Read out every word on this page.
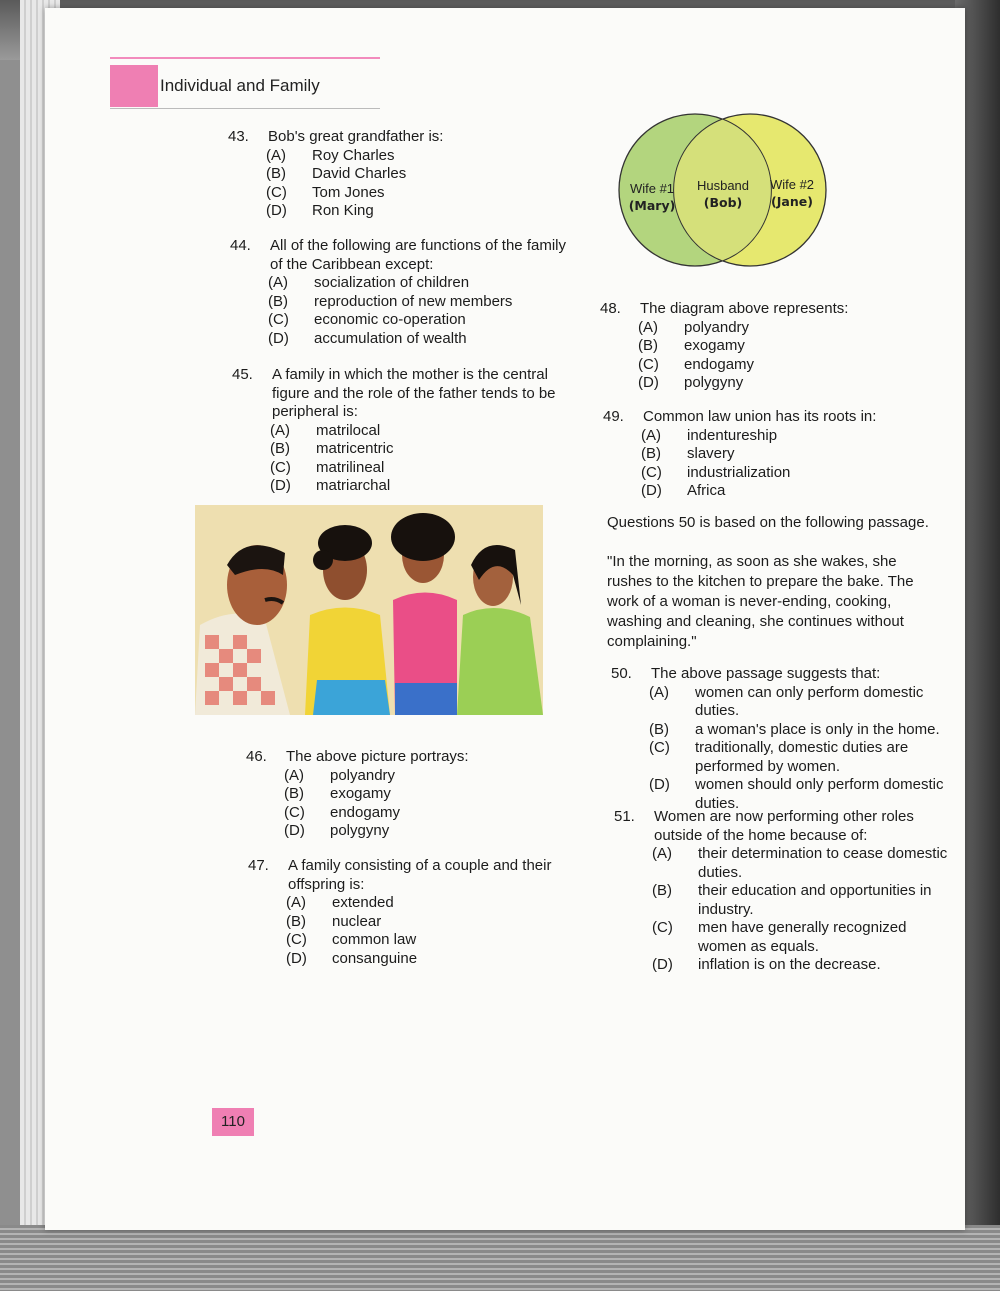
Individual and Family
43. Bob's great grandfather is:
(A)	Roy Charles
(B)	David Charles
(C)	Tom Jones
(D)	Ron King
44. All of the following are functions of the family of the Caribbean except:
(A)	socialization of children
(B)	reproduction of new members
(C)	economic co-operation
(D)	accumulation of wealth
45. A family in which the mother is the central figure and the role of the father tends to be peripheral is:
(A)	matrilocal
(B)	matricentric
(C)	matrilineal
(D)	matriarchal
46. The above picture portrays:
(A)	polyandry
(B)	exogamy
(C)	endogamy
(D)	polygyny
47. A family consisting of a couple and their offspring is:
(A)	extended
(B)	nuclear
(C)	common law
(D)	consanguine
Wife #1
(Mary)
Husband
(Bob)
Wife #2
(Jane)
48. The diagram above represents:
(A)	polyandry
(B)	exogamy
(C)	endogamy
(D)	polygyny
49. Common law union has its roots in:
(A)	indentureship
(B)	slavery
(C)	industrialization
(D)	Africa
Questions 50 is based on the following passage.
"In the morning, as soon as she wakes, she rushes to the kitchen to prepare the bake. The work of a woman is never-ending, cooking, washing and cleaning, she continues without complaining."
50. The above passage suggests that:
(A)	women can only perform domestic duties.
(B)	a woman's place is only in the home.
(C)	traditionally, domestic duties are performed by women.
(D)	women should only perform domestic duties.
51. Women are now performing other roles outside of the home because of:
(A)	their determination to cease domestic duties.
(B)	their education and opportunities in industry.
(C)	men have generally recognized women as equals.
(D)	inflation is on the decrease.
110
